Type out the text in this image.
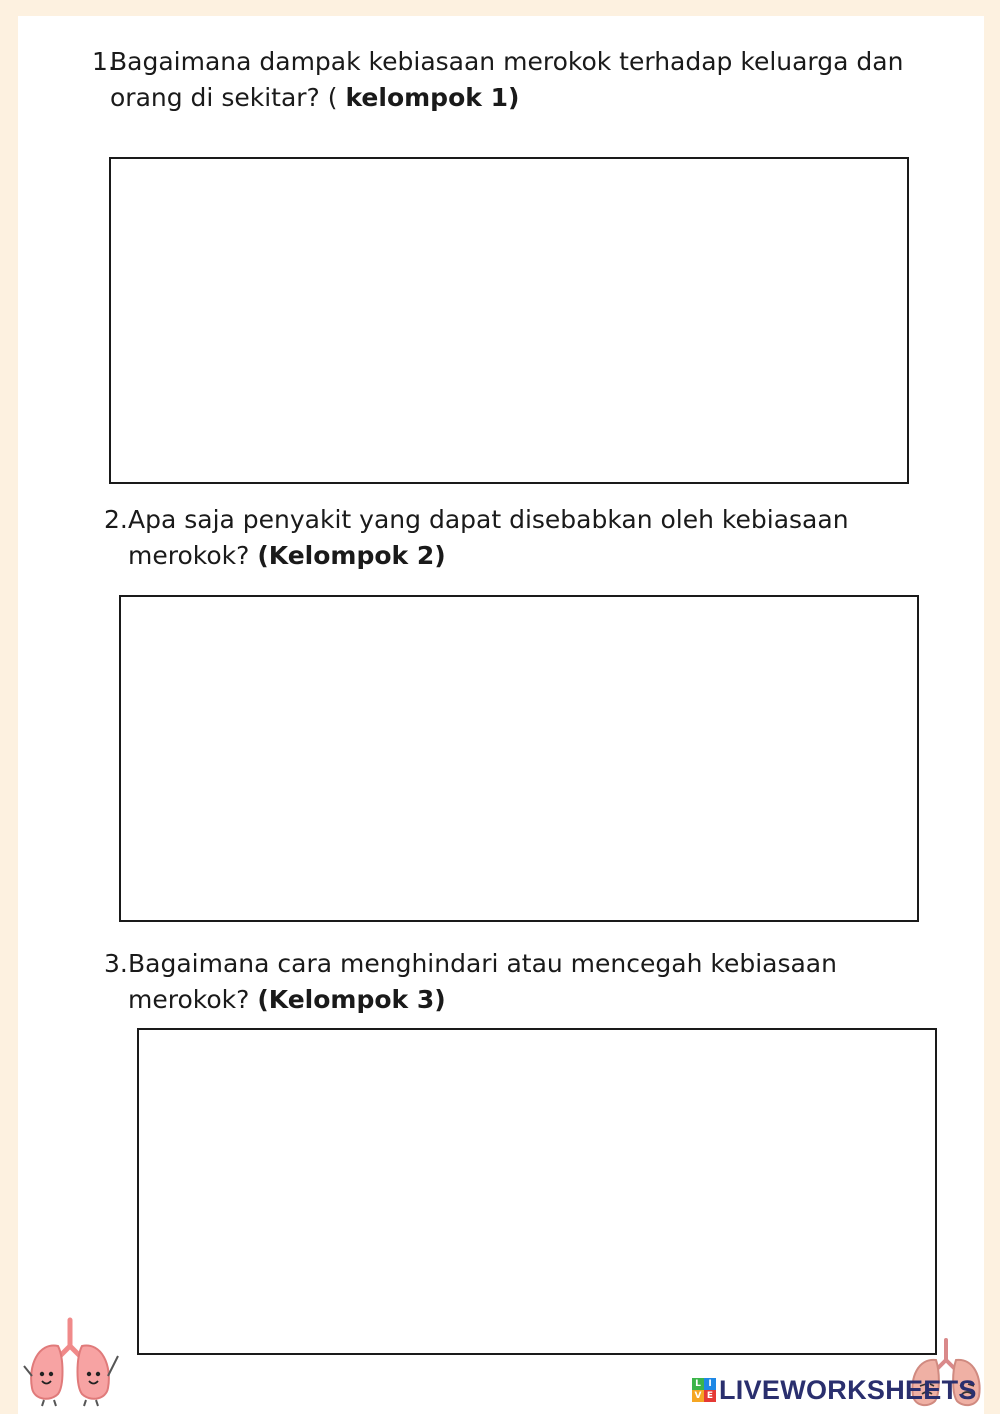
1.
Bagaimana dampak kebiasaan merokok terhadap keluarga dan orang di sekitar? ( kelompok 1)
2. Apa saja penyakit yang dapat disebabkan oleh kebiasaan merokok? (Kelompok 2)
3. Bagaimana cara menghindari atau mencegah kebiasaan merokok? (Kelompok 3)
L I
V E LIVEWORKSHEETS
